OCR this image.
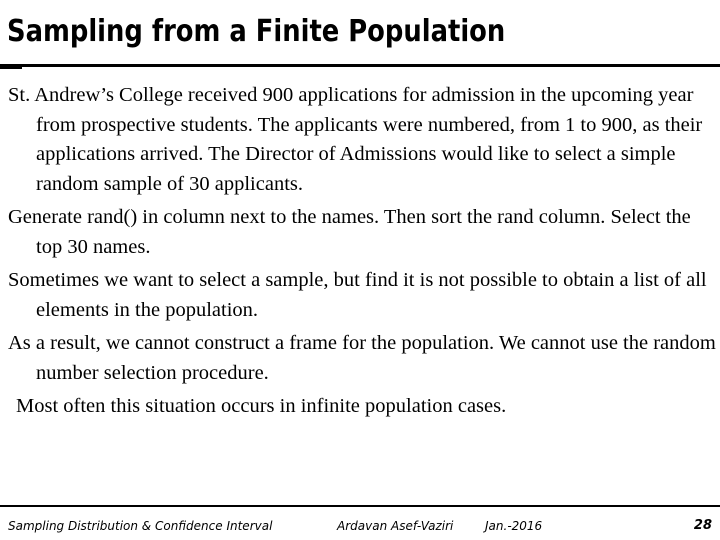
Sampling from a Finite Population

St. Andrew’s College received 900 applications for admission in the upcoming year from prospective students. The applicants were numbered, from 1 to 900, as their applications arrived. The Director of Admissions would like to select a simple random sample of 30 applicants.

Generate rand() in column next to the names. Then sort the rand column. Select the top 30 names.

Sometimes we want to select a sample, but find it is not possible to obtain a list of all elements in the population.

As a result, we cannot construct a frame for the population. We cannot use the random number selection procedure.

Most often this situation occurs in infinite population cases.

Sampling Distribution & Confidence Interval	Ardavan Asef-Vaziri	Jan.-2016	28
